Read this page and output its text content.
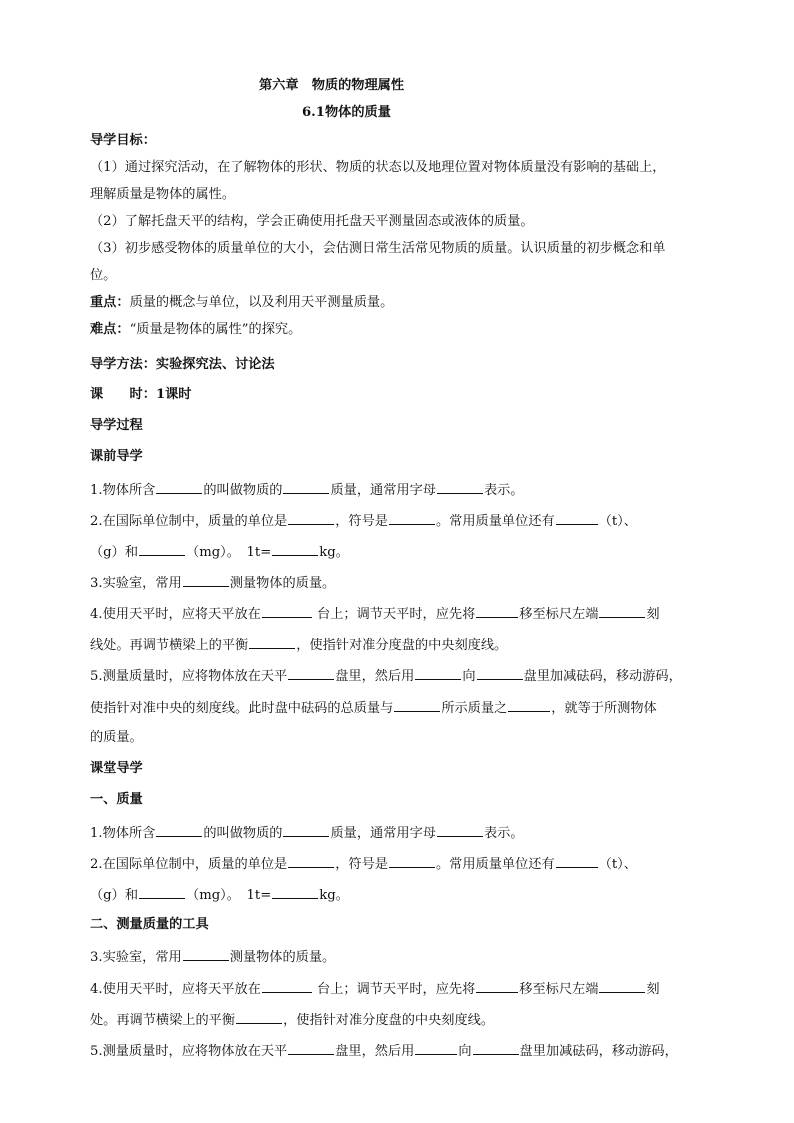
第六章　物质的物理属性
6.1物体的质量
导学目标：
（1）通过探究活动，在了解物体的形状、物质的状态以及地理位置对物体质量没有影响的基础上，
理解质量是物体的属性。
（2）了解托盘天平的结构，学会正确使用托盘天平测量固态或液体的质量。
（3）初步感受物体的质量单位的大小，会估测日常生活常见物质的质量。认识质量的初步概念和单
位。
重点：质量的概念与单位，以及利用天平测量质量。
难点：“质量是物体的属性”的探究。
导学方法：实验探究法、讨论法
课　　时：1课时
导学过程
课前导学
1.物体所含	的叫做物质的	质量，通常用字母	表示。
2.在国际单位制中，质量的单位是	，符号是	。常用质量单位还有	（t）、
（g）和	（mg）。　1t=	kg。
3.实验室，常用	测量物体的质量。
4.使用天平时，应将天平放在	台上；调节天平时，应先将	移至标尺左端	刻
线处。再调节横梁上的平衡	，使指针对准分度盘的中央刻度线。
5.测量质量时，应将物体放在天平	盘里，然后用	向	盘里加减砝码，移动游码，
使指针对准中央的刻度线。此时盘中砝码的总质量与	所示质量之	，就等于所测物体
的质量。
课堂导学
一、质量
1.物体所含	的叫做物质的	质量，通常用字母	表示。
2.在国际单位制中，质量的单位是	，符号是	。常用质量单位还有	（t）、
（g）和	（mg）。　1t=	kg。
二、测量质量的工具
3.实验室，常用	测量物体的质量。
4.使用天平时，应将天平放在	台上；调节天平时，应先将	移至标尺左端	刻
处。再调节横梁上的平衡	，使指针对准分度盘的中央刻度线。
5.测量质量时，应将物体放在天平	盘里，然后用	向	盘里加减砝码，移动游码，
